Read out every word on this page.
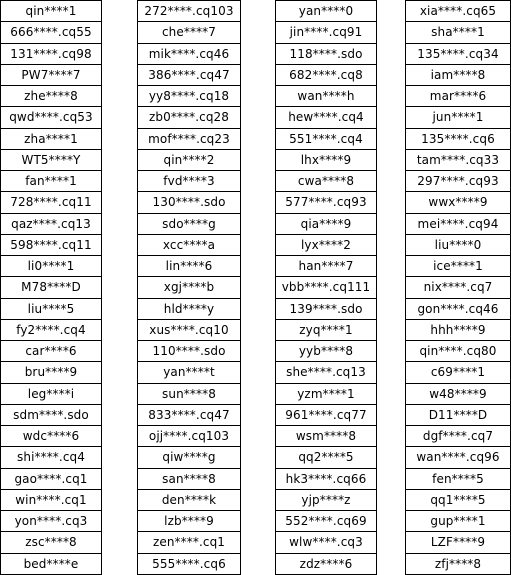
qin****1
666****.cq55
131****.cq98
PW7****7
zhe****8
qwd****.cq53
zha****1
WT5****Y
fan****1
728****.cq11
qaz****.cq13
598****.cq11
li0****1
M78****D
liu****5
fy2****.cq4
car****6
bru****9
leg****i
sdm****.sdo
wdc****6
shi****.cq4
gao****.cq1
win****.cq1
yon****.cq3
zsc****8
bed****e
272****.cq103
che****7
mik****.cq46
386****.cq47
yy8****.cq18
zb0****.cq28
mof****.cq23
qin****2
fvd****3
130****.sdo
sdo****g
xcc****a
lin****6
xgj****b
hld****y
xus****.cq10
110****.sdo
yan****t
sun****8
833****.cq47
ojj****.cq103
qiw****g
san****8
den****k
lzb****9
zen****.cq1
555****.cq6
yan****0
jin****.cq91
118****.sdo
682****.cq8
wan****h
hew****.cq4
551****.cq4
lhx****9
cwa****8
577****.cq93
qia****9
lyx****2
han****7
vbb****.cq111
139****.sdo
zyq****1
yyb****8
she****.cq13
yzm****1
961****.cq77
wsm****8
qq2****5
hk3****.cq66
yjp****z
552****.cq69
wlw****.cq3
zdz****6
xia****.cq65
sha****1
135****.cq34
iam****8
mar****6
jun****1
135****.cq6
tam****.cq33
297****.cq93
wwx****9
mei****.cq94
liu****0
ice****1
nix****.cq7
gon****.cq46
hhh****9
qin****.cq80
c69****1
w48****9
D11****D
dgf****.cq7
wan****.cq96
fen****5
qq1****5
gup****1
LZF****9
zfj****8
